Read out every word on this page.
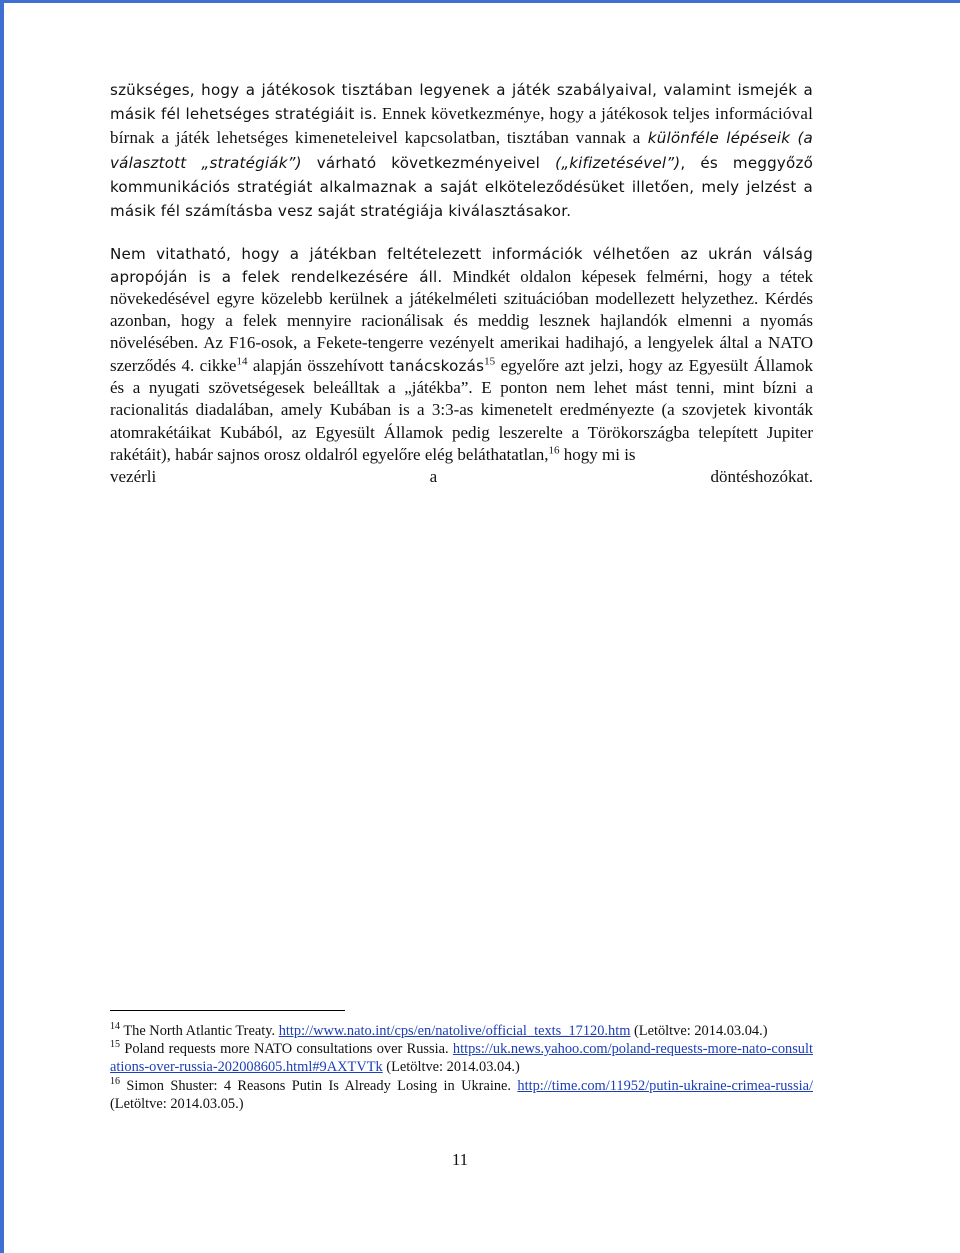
szükséges, hogy a játékosok tisztában legyenek a játék szabályaival, valamint ismejék a másik fél lehetséges stratégiáit is. Ennek következménye, hogy a játékosok teljes információval bírnak a játék lehetséges kimeneteleivel kapcsolatban, tisztában vannak a különféle lépéseik (a választott „stratégiák”) várható következményeivel („kifizetésével”), és meggyőző kommunikációs stratégiát alkalmaznak a saját elköteleződésüket illetően, mely jelzést a másik fél számításba vesz saját stratégiája kiválasztásakor.

Nem vitatható, hogy a játékban feltételezett információk vélhetően az ukrán válság apropóján is a felek rendelkezésére áll. Mindkét oldalon képesek felmérni, hogy a tétek növekedésével egyre közelebb kerülnek a játékelméleti szituációban modellezett helyzethez. Kérdés azonban, hogy a felek mennyire racionálisak és meddig lesznek hajlandók elmenni a nyomás növelésében. Az F16-osok, a Fekete-tengerre vezényelt amerikai hadihajó, a lengyelek által a NATO szerződés 4. cikke$^{14}$ alapján összehívott tanácskozás$^{15}$ egyelőre azt jelzi, hogy az Egyesült Államok és a nyugati szövetségesek beleálltak a „játékba”. E ponton nem lehet mást tenni, mint bízni a racionalitás diadalában, amely Kubában is a 3:3-as kimenetelt eredményezte (a szovjetek kivonták atomrakétáikat Kubából, az Egyesült Államok pedig leszerelte a Törökországba telepített Jupiter rakétáit), habár sajnos orosz oldalról egyelőre elég beláthatatlan,$^{16}$ hogy mi is

vezérli	a	döntéshozókat.

$^{14}$ The North Atlantic Treaty. http://www.nato.int/cps/en/natolive/official_texts_17120.htm (Letöltve: 2014.03.04.)

$^{15}$ Poland requests more NATO consultations over Russia. https://uk.news.yahoo.com/poland-requests-more-nato-consultations-over-russia-202008605.html#9AXTVTk (Letöltve: 2014.03.04.)

$^{16}$ Simon Shuster: 4 Reasons Putin Is Already Losing in Ukraine. http://time.com/11952/putin-ukraine-crimea-russia/ (Letöltve: 2014.03.05.)

11
